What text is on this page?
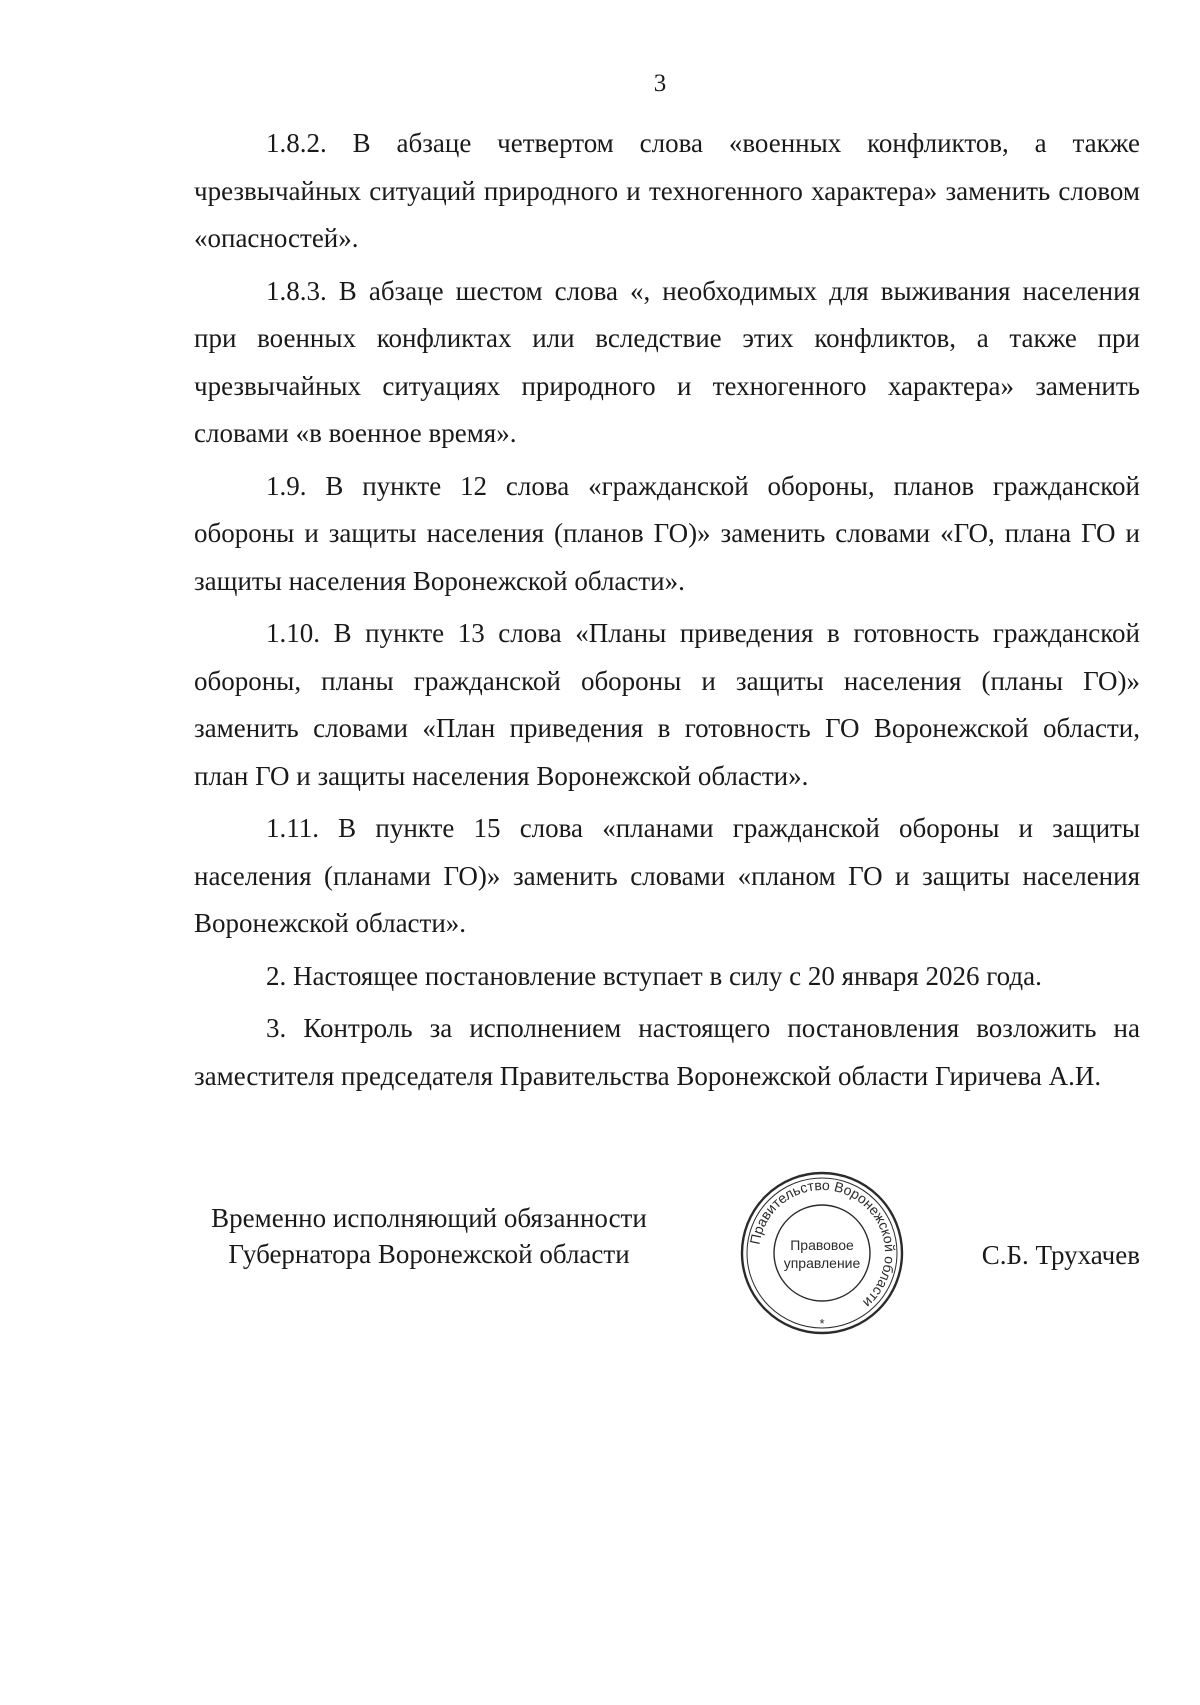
3

1.8.2. В абзаце четвертом слова «военных конфликтов, а также чрезвычайных ситуаций природного и техногенного характера» заменить словом «опасностей».

1.8.3. В абзаце шестом слова «, необходимых для выживания населения при военных конфликтах или вследствие этих конфликтов, а также при чрезвычайных ситуациях природного и техногенного характера» заменить словами «в военное время».

1.9. В пункте 12 слова «гражданской обороны, планов гражданской обороны и защиты населения (планов ГО)» заменить словами «ГО, плана ГО и защиты населения Воронежской области».

1.10. В пункте 13 слова «Планы приведения в готовность гражданской обороны, планы гражданской обороны и защиты населения (планы ГО)» заменить словами «План приведения в готовность ГО Воронежской области, план ГО и защиты населения Воронежской области».

1.11. В пункте 15 слова «планами гражданской обороны и защиты населения (планами ГО)» заменить словами «планом ГО и защиты населения Воронежской области».

2. Настоящее постановление вступает в силу с 20 января 2026 года.

3. Контроль за исполнением настоящего постановления возложить на заместителя председателя Правительства Воронежской области Гиричева А.И.

Временно исполняющий обязанности
Губернатора Воронежской области	Правительство Воронежской области
Правовое
управление
*
С.Б. Трухачев
